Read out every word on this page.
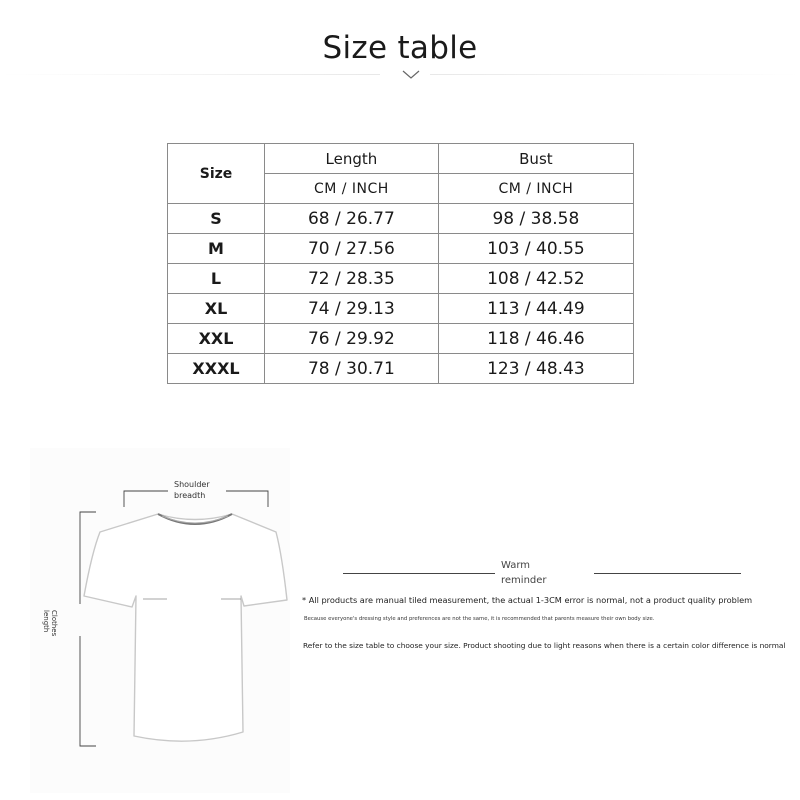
Size table
Size	Length	Bust
	CM / INCH	CM / INCH
S	68 / 26.77	98 / 38.58
M	70 / 27.56	103 / 40.55
L	72 / 28.35	108 / 42.52
XL	74 / 29.13	113 / 44.49
XXL	76 / 29.92	118 / 46.46
XXXL	78 / 30.71	123 / 48.43
Shoulder
breadth
Clothes
length
Warm
reminder
* All products are manual tiled measurement, the actual 1-3CM error is normal, not a product quality problem
Because everyone's dressing style and preferences are not the same, it is recommended that parents measure their own body size.
Refer to the size table to choose your size. Product shooting due to light reasons when there is a certain color difference is normal
